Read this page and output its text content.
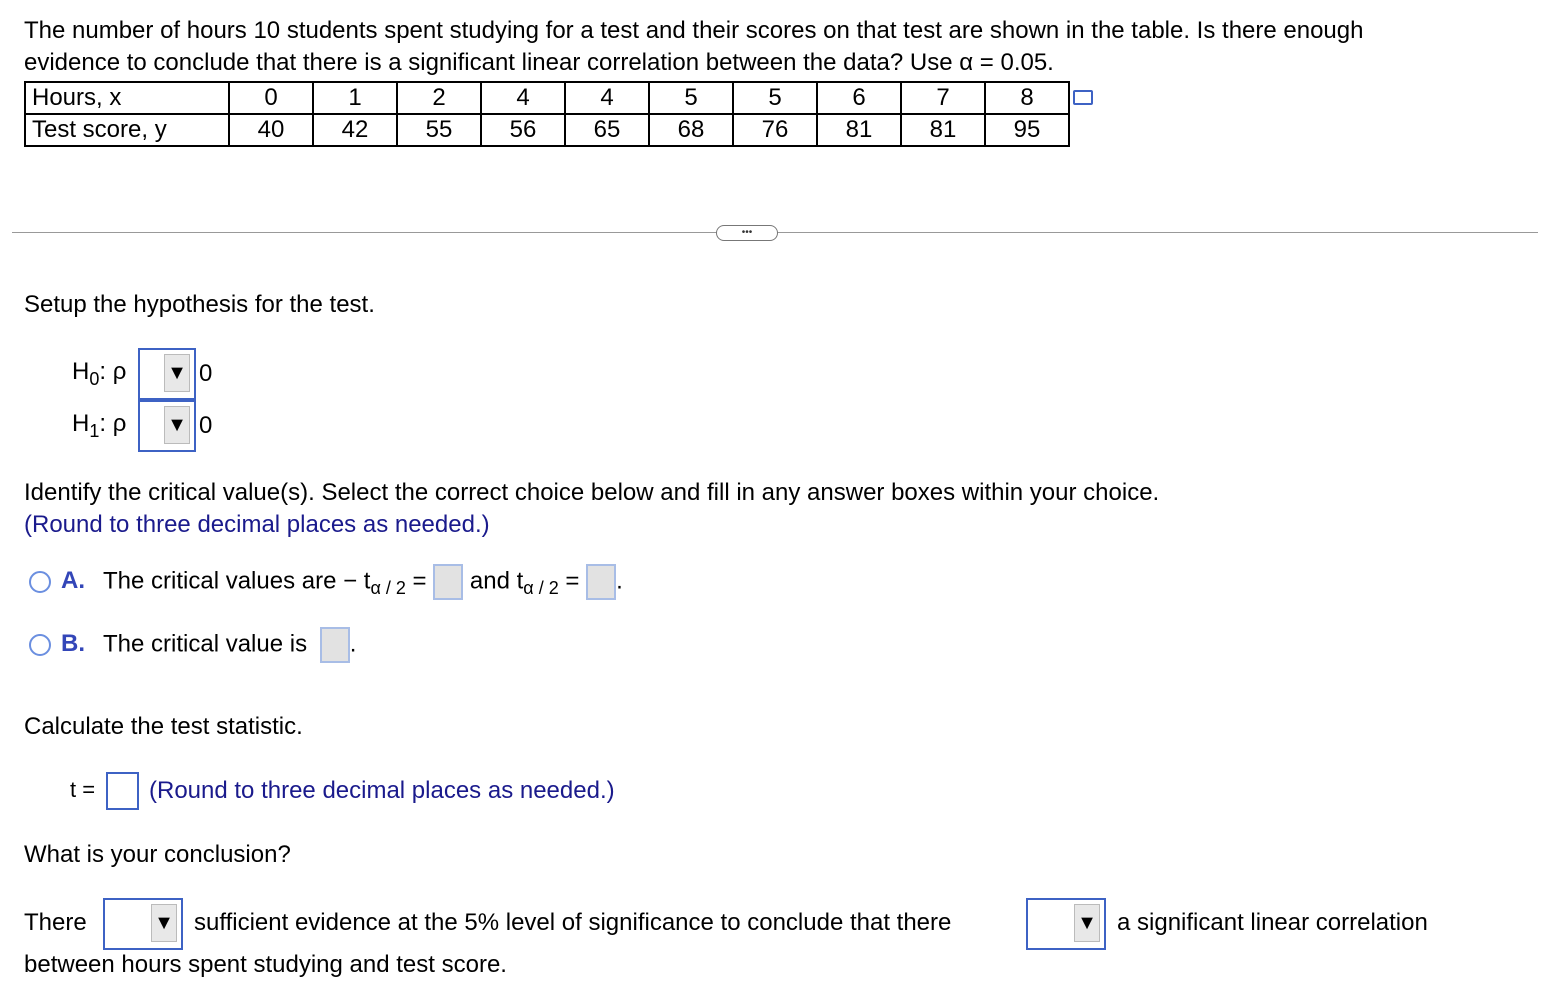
The number of hours 10 students spent studying for a test and their scores on that test are shown in the table. Is there enough

evidence to conclude that there is a significant linear correlation between the data? Use α = 0.05.

Hours, x	0	1	2	4	4	5	5	6	7	8
Test score, y	40	42	55	56	65	68	76	81	81	95
•••

Setup the hypothesis for the test.

$H_0$: ρ
$H_1$: ρ
▼
▼
0
0

Identify the critical value(s). Select the correct choice below and fill in any answer boxes within your choice.

(Round to three decimal places as needed.)

A. The critical values are − $t_{\alpha / 2}$ = and $t_{\alpha / 2}$ = .
B. The critical value is .

Calculate the test statistic.

t = (Round to three decimal places as needed.)

What is your conclusion?

There	▼ sufficient evidence at the 5% level of significance to conclude that there	▼ a significant linear correlation

between hours spent studying and test score.
